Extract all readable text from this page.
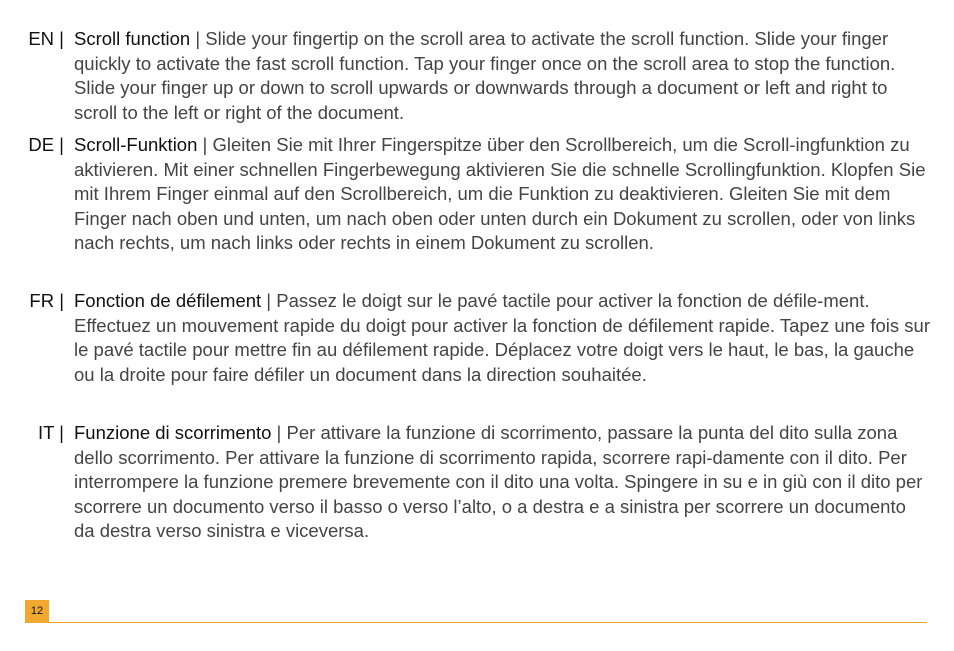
EN | Scroll function | Slide your fingertip on the scroll area to activate the scroll function. Slide your finger quickly to activate the fast scroll function. Tap your finger once on the scroll area to stop the function. Slide your finger up or down to scroll upwards or downwards through a document or left and right to scroll to the left or right of the document.
DE | Scroll-Funktion | Gleiten Sie mit Ihrer Fingerspitze über den Scrollbereich, um die Scroll-ingfunktion zu aktivieren. Mit einer schnellen Fingerbewegung aktivieren Sie die schnelle Scrollingfunktion. Klopfen Sie mit Ihrem Finger einmal auf den Scrollbereich, um die Funktion zu deaktivieren. Gleiten Sie mit dem Finger nach oben und unten, um nach oben oder unten durch ein Dokument zu scrollen, oder von links nach rechts, um nach links oder rechts in einem Dokument zu scrollen.
FR | Fonction de défilement | Passez le doigt sur le pavé tactile pour activer la fonction de défile-ment. Effectuez un mouvement rapide du doigt pour activer la fonction de défilement rapide. Tapez une fois sur le pavé tactile pour mettre fin au défilement rapide. Déplacez votre doigt vers le haut, le bas, la gauche ou la droite pour faire défiler un document dans la direction souhaitée.
IT | Funzione di scorrimento | Per attivare la funzione di scorrimento, passare la punta del dito sulla zona dello scorrimento. Per attivare la funzione di scorrimento rapida, scorrere rapi-damente con il dito. Per interrompere la funzione premere brevemente con il dito una volta. Spingere in su e in giù con il dito per scorrere un documento verso il basso o verso l’alto, o a destra e a sinistra per scorrere un documento da destra verso sinistra e viceversa.
12
